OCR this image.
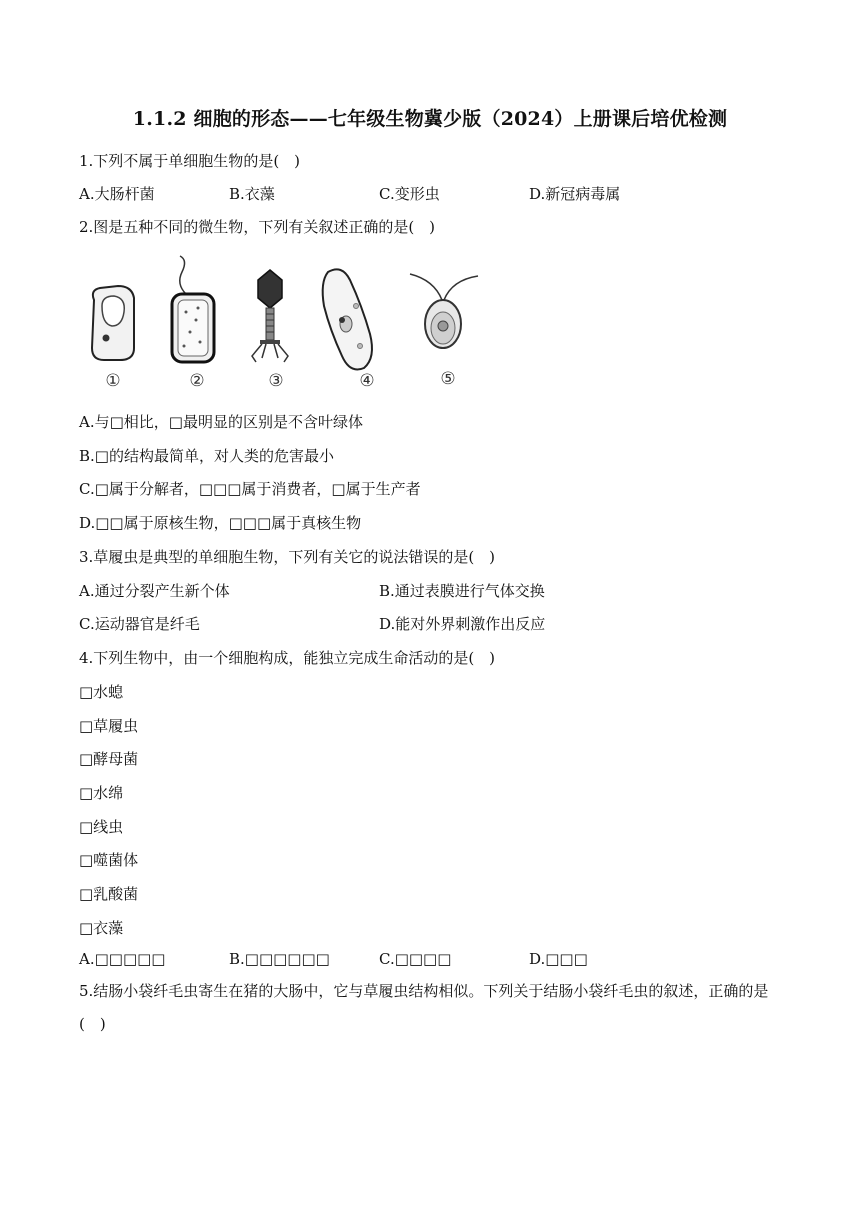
1.1.2 细胞的形态——七年级生物冀少版（2024）上册课后培优检测
1.下列不属于单细胞生物的是(　)
A.大肠杆菌	B.衣藻	C.变形虫	D.新冠病毒属
2.图是五种不同的微生物，下列有关叙述正确的是(　)
①	②	③	④	⑤
A.与□相比，□最明显的区别是不含叶绿体
B.□的结构最简单，对人类的危害最小
C.□属于分解者，□□□属于消费者，□属于生产者
D.□□属于原核生物，□□□属于真核生物
3.草履虫是典型的单细胞生物，下列有关它的说法错误的是(　)
A.通过分裂产生新个体	B.通过表膜进行气体交换
C.运动器官是纤毛	D.能对外界刺激作出反应
4.下列生物中，由一个细胞构成，能独立完成生命活动的是(　)
□水螅
□草履虫
□酵母菌
□水绵
□线虫
□噬菌体
□乳酸菌
□衣藻
A.□□□□□	B.□□□□□□	C.□□□□	D.□□□
5.结肠小袋纤毛虫寄生在猪的大肠中，它与草履虫结构相似。下列关于结肠小袋纤毛虫的叙述，正确的是(　)
